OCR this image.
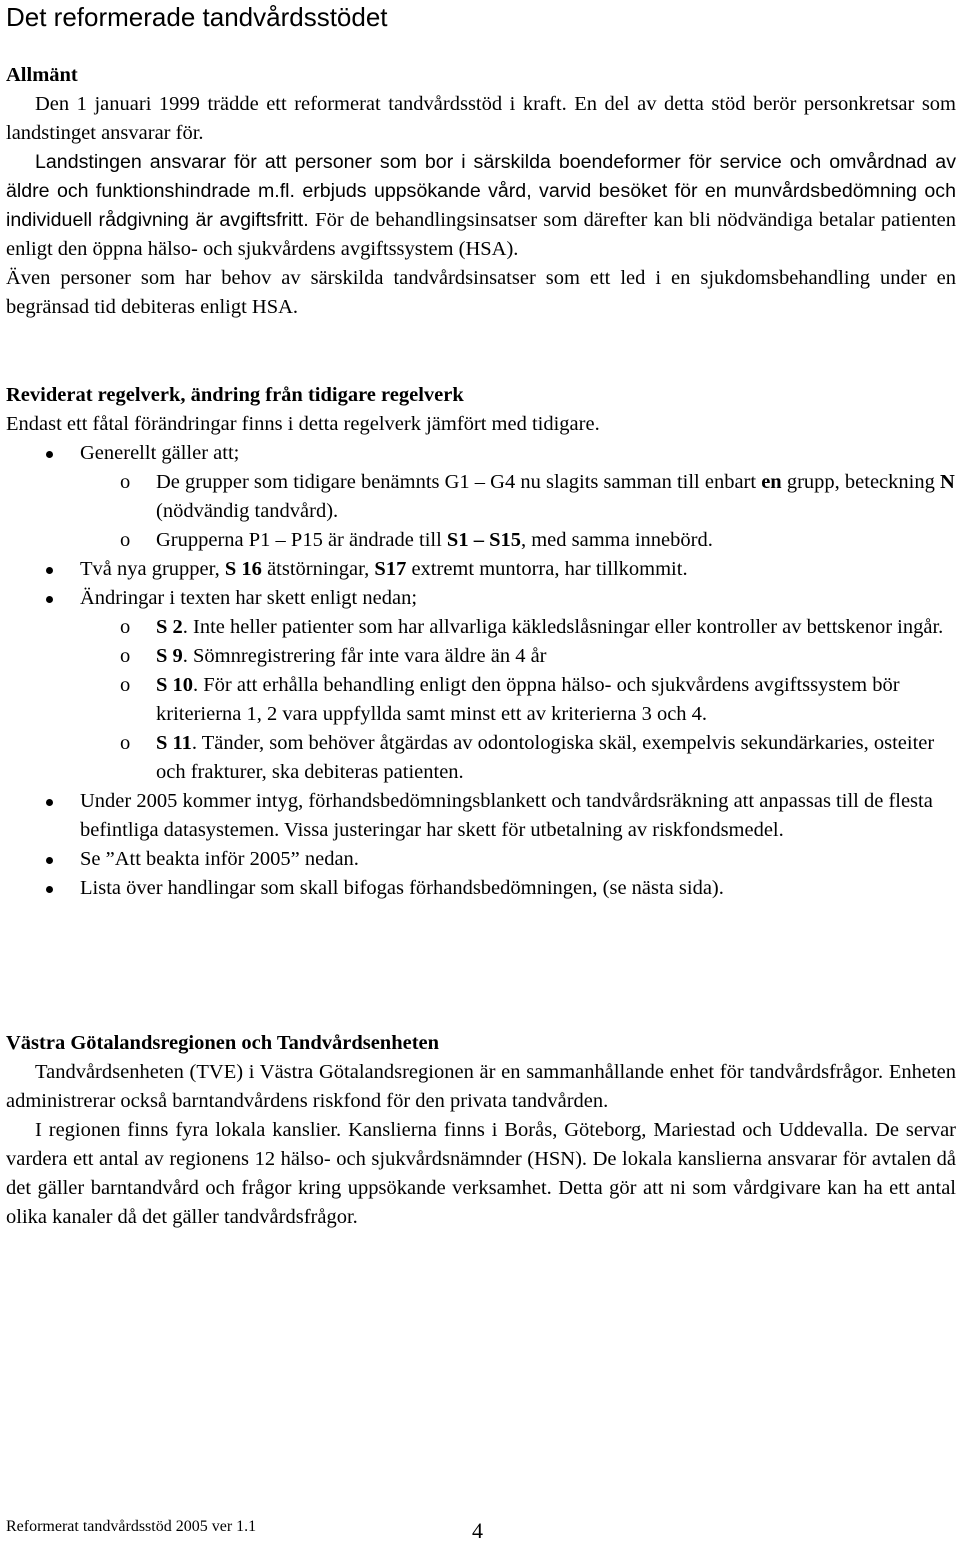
Det reformerade tandvårdsstödet

Allmänt

Den 1 januari 1999 trädde ett reformerat tandvårdsstöd i kraft. En del av detta stöd berör personkretsar som landstinget ansvarar för.

Landstingen ansvarar för att personer som bor i särskilda boendeformer för service och omvårdnad av äldre och funktionshindrade m.fl. erbjuds uppsökande vård, varvid besöket för en munvårdsbedömning och individuell rådgivning är avgiftsfritt. För de behandlingsinsatser som därefter kan bli nödvändiga betalar patienten enligt den öppna hälso- och sjukvårdens avgiftssystem (HSA).

Även personer som har behov av särskilda tandvårdsinsatser som ett led i en sjukdomsbehandling under en begränsad tid debiteras enligt HSA.

Reviderat regelverk, ändring från tidigare regelverk

Endast ett fåtal förändringar finns i detta regelverk jämfört med tidigare.

Generellt gäller att;
o De grupper som tidigare benämnts G1 – G4 nu slagits samman till enbart en grupp, beteckning N (nödvändig tandvård).
o Grupperna P1 – P15 är ändrade till S1 – S15, med samma innebörd.
Två nya grupper, S 16 ätstörningar, S17 extremt muntorra, har tillkommit.
Ändringar i texten har skett enligt nedan;
o S 2. Inte heller patienter som har allvarliga käkledslåsningar eller kontroller av bettskenor ingår.
o S 9. Sömnregistrering får inte vara äldre än 4 år
o S 10. För att erhålla behandling enligt den öppna hälso- och sjukvårdens avgiftssystem bör kriterierna 1, 2 vara uppfyllda samt minst ett av kriterierna 3 och 4.
o S 11. Tänder, som behöver åtgärdas av odontologiska skäl, exempelvis sekundärkaries, osteiter och frakturer, ska debiteras patienten.
Under 2005 kommer intyg, förhandsbedömningsblankett och tandvårdsräkning att anpassas till de flesta befintliga datasystemen. Vissa justeringar har skett för utbetalning av riskfondsmedel.
Se ”Att beakta inför 2005” nedan.
Lista över handlingar som skall bifogas förhandsbedömningen, (se nästa sida).

Västra Götalandsregionen och Tandvårdsenheten

Tandvårdsenheten (TVE) i Västra Götalandsregionen är en sammanhållande enhet för tandvårdsfrågor. Enheten administrerar också barntandvårdens riskfond för den privata tandvården.

I regionen finns fyra lokala kanslier. Kanslierna finns i Borås, Göteborg, Mariestad och Uddevalla. De servar vardera ett antal av regionens 12 hälso- och sjukvårdsnämnder (HSN). De lokala kanslierna ansvarar för avtalen då det gäller barntandvård och frågor kring uppsökande verksamhet. Detta gör att ni som vårdgivare kan ha ett antal olika kanaler då det gäller tandvårdsfrågor.

Reformerat tandvårdsstöd 2005 ver 1.1	4
